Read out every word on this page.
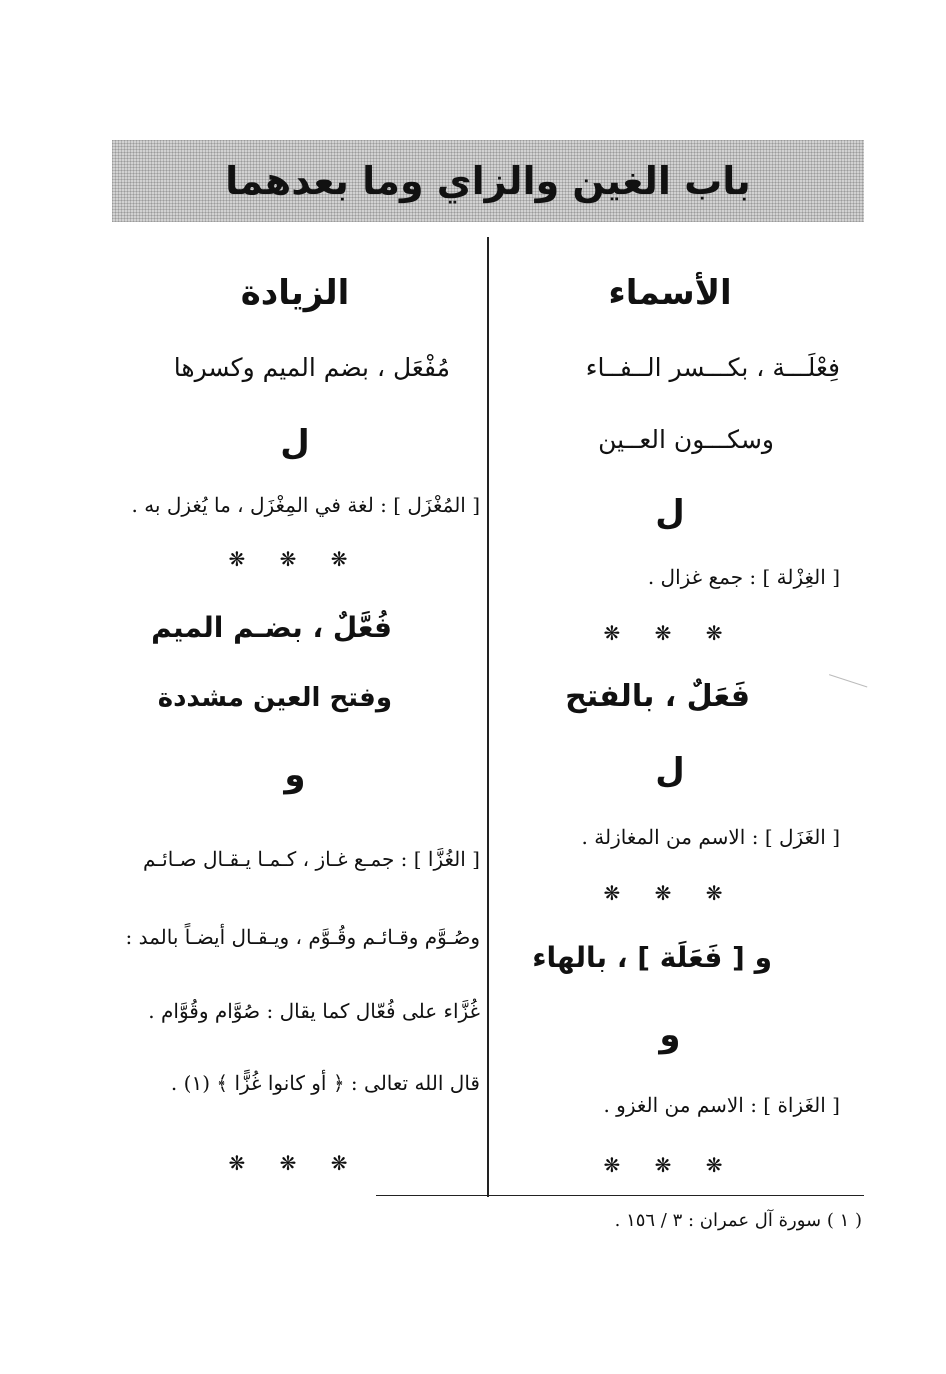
باب الغين والزاي وما بعدهما
الأسماء
فِعْلَـــة ، بكـــسر الــفــاء
وسكـــون العــين
ل
[ الغِزْلة ] : جمع غزال .
❋ ❋ ❋
فَعَلٌ ، بالفتح
ل
[ الغَزَل ] : الاسم من المغازلة .
❋ ❋ ❋
و [ فَعَلَة ] ، بالهاء
و
[ الغَزاة ] : الاسم من الغزو .
❋ ❋ ❋
الزيادة
مُفْعَل ، بضم الميم وكسرها
ل
[ المُغْزَل ] : لغة في المِغْزَل ، ما يُغزل به .
❋ ❋ ❋
فُعَّلٌ ، بضـم الميم
وفتح العين مشددة
و
[ الغُزَّا ] : جمـع غـاز ، كـمـا يـقـال صـائـم
وصُـوَّم وقـائـم وقُـوَّم ، ويـقـال أيضـاً بالمد :
غُزَّاء على فُعّال كما يقال : صُوَّام وقُوَّام .
قال الله تعالى : ﴿ أو كانوا غُزًّا ﴾ (١) .
❋ ❋ ❋
( ١ ) سورة آل عمران : ٣ / ١٥٦ .
